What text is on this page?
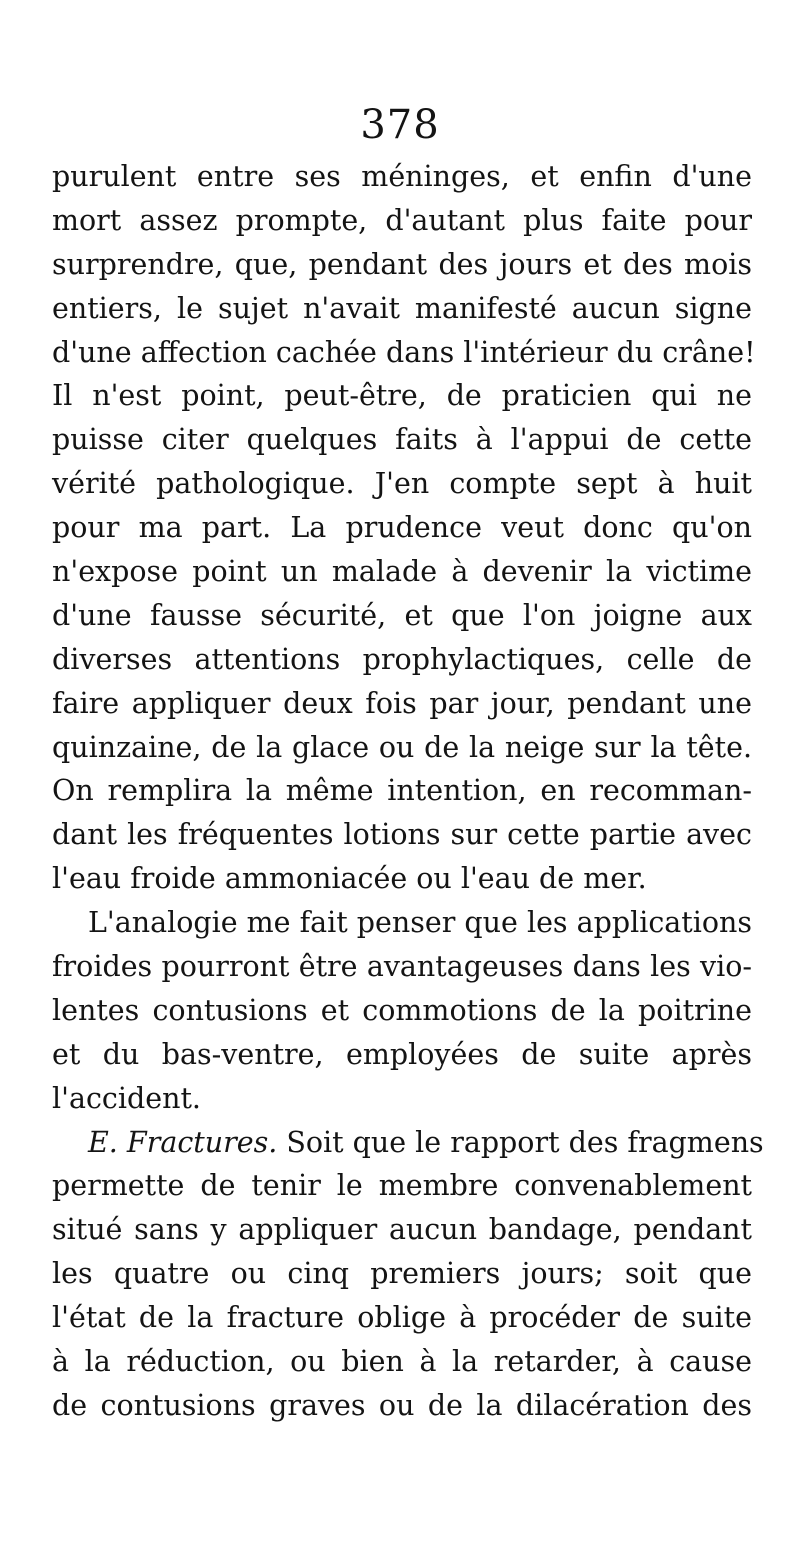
378
purulent entre ses méninges, et enfin d'une
mort assez prompte, d'autant plus faite pour
surprendre, que, pendant des jours et des mois
entiers, le sujet n'avait manifesté aucun signe
d'une affection cachée dans l'intérieur du crâne!
Il n'est point, peut-être, de praticien qui ne
puisse citer quelques faits à l'appui de cette
vérité pathologique. J'en compte sept à huit
pour ma part. La prudence veut donc qu'on
n'expose point un malade à devenir la victime
d'une fausse sécurité, et que l'on joigne aux
diverses attentions prophylactiques, celle de
faire appliquer deux fois par jour, pendant une
quinzaine, de la glace ou de la neige sur la tête.
On remplira la même intention, en recomman-
dant les fréquentes lotions sur cette partie avec
l'eau froide ammoniacée ou l'eau de mer.
L'analogie me fait penser que les applications
froides pourront être avantageuses dans les vio-
lentes contusions et commotions de la poitrine
et du bas-ventre, employées de suite après
l'accident.
E. Fractures. Soit que le rapport des fragmens
permette de tenir le membre convenablement
situé sans y appliquer aucun bandage, pendant
les quatre ou cinq premiers jours; soit que
l'état de la fracture oblige à procéder de suite
à la réduction, ou bien à la retarder, à cause
de contusions graves ou de la dilacération des
